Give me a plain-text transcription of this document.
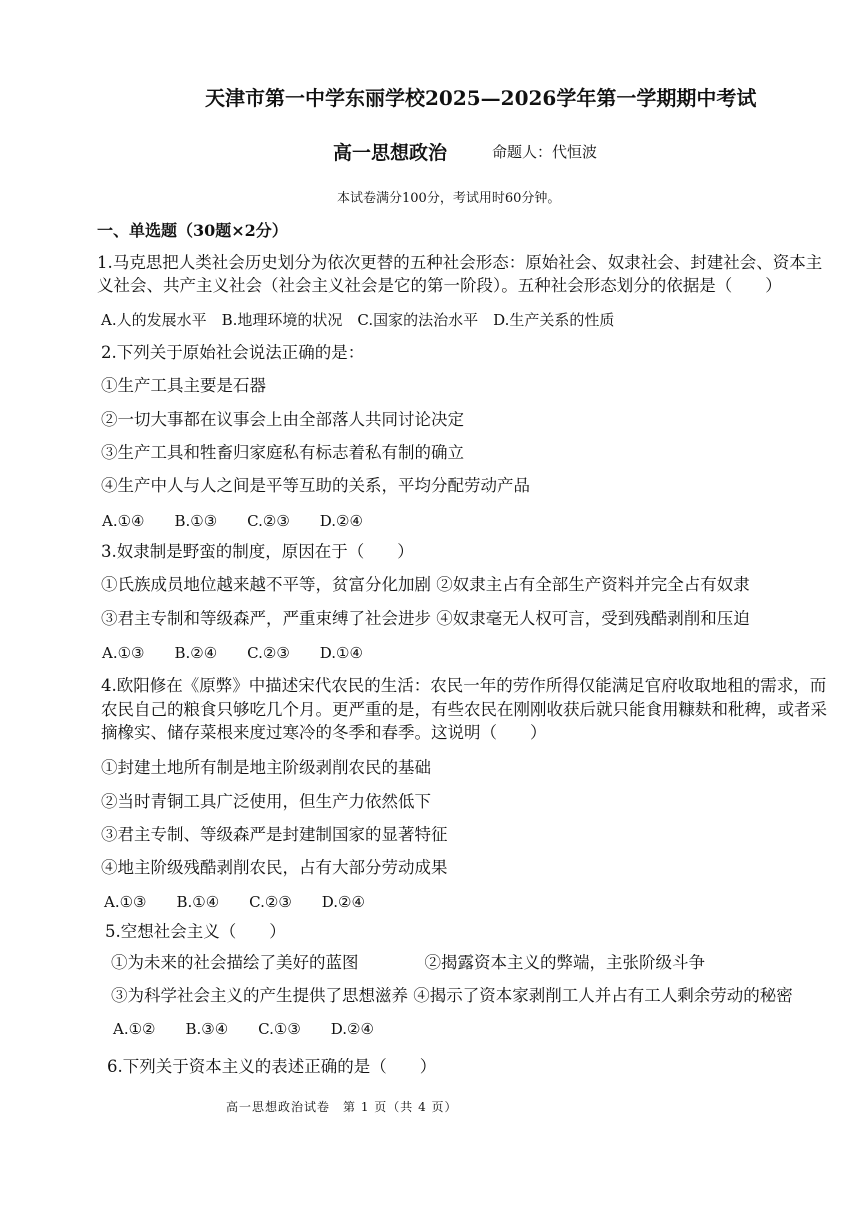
天津市第一中学东丽学校2025—2026学年第一学期期中考试
高一思想政治	命题人：代恒波
本试卷满分100分，考试用时60分钟。
一、单选题（30题×2分）
1.马克思把人类社会历史划分为依次更替的五种社会形态：原始社会、奴隶社会、封建社会、资本主
义社会、共产主义社会（社会主义社会是它的第一阶段）。五种社会形态划分的依据是（　　）
A.人的发展水平　B.地理环境的状况　C.国家的法治水平　D.生产关系的性质
2.下列关于原始社会说法正确的是：
①生产工具主要是石器
②一切大事都在议事会上由全部落人共同讨论决定
③生产工具和牲畜归家庭私有标志着私有制的确立
④生产中人与人之间是平等互助的关系，平均分配劳动产品
A.①④　　B.①③　　C.②③　　D.②④
3.奴隶制是野蛮的制度，原因在于（　　）
①氏族成员地位越来越不平等，贫富分化加剧 ②奴隶主占有全部生产资料并完全占有奴隶
③君主专制和等级森严，严重束缚了社会进步 ④奴隶毫无人权可言，受到残酷剥削和压迫
A.①③　　B.②④　　C.②③　　D.①④
4.欧阳修在《原弊》中描述宋代农民的生活：农民一年的劳作所得仅能满足官府收取地租的需求，而
农民自己的粮食只够吃几个月。更严重的是，有些农民在刚刚收获后就只能食用糠麸和秕稗，或者采
摘橡实、储存菜根来度过寒冷的冬季和春季。这说明（　　）
①封建土地所有制是地主阶级剥削农民的基础
②当时青铜工具广泛使用，但生产力依然低下
③君主专制、等级森严是封建制国家的显著特征
④地主阶级残酷剥削农民，占有大部分劳动成果
A.①③　　B.①④　　C.②③　　D.②④
5.空想社会主义（　　）
①为未来的社会描绘了美好的蓝图　　　　②揭露资本主义的弊端，主张阶级斗争
③为科学社会主义的产生提供了思想滋养 ④揭示了资本家剥削工人并占有工人剩余劳动的秘密
A.①②　　B.③④　　C.①③　　D.②④
6.下列关于资本主义的表述正确的是（　　）
高一思想政治试卷　第 1 页（共 4 页）
